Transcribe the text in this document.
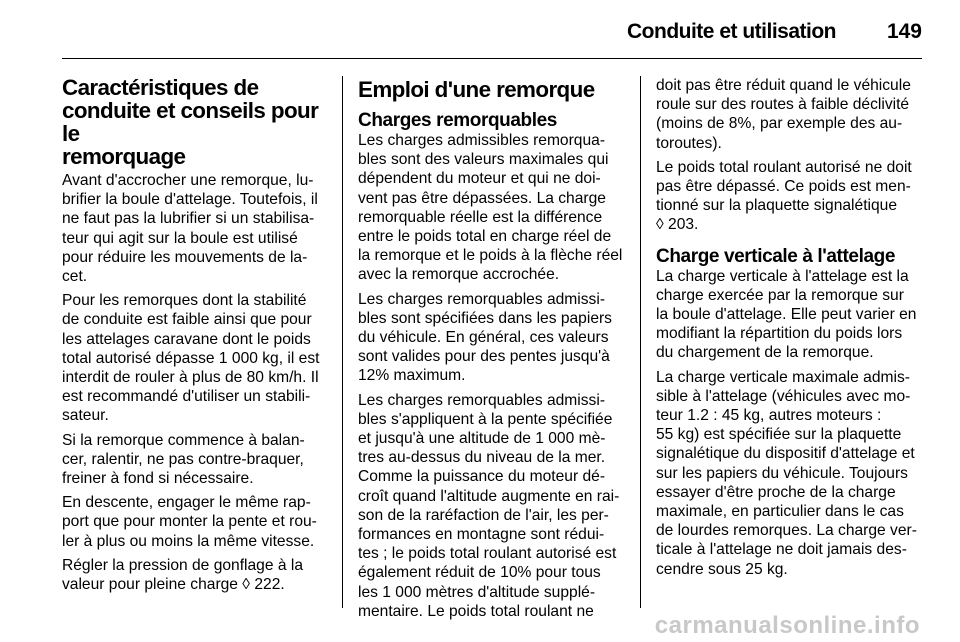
Conduite et utilisation 149
Caractéristiques de
conduite et conseils pour le
remorquage

Avant d'accrocher une remorque, lu-
brifier la boule d'attelage. Toutefois, il
ne faut pas la lubrifier si un stabilisa-
teur qui agit sur la boule est utilisé
pour réduire les mouvements de la-
cet.

Pour les remorques dont la stabilité
de conduite est faible ainsi que pour
les attelages caravane dont le poids
total autorisé dépasse 1 000 kg, il est
interdit de rouler à plus de 80 km/h. Il
est recommandé d'utiliser un stabili-
sateur.

Si la remorque commence à balan-
cer, ralentir, ne pas contre-braquer,
freiner à fond si nécessaire.

En descente, engager le même rap-
port que pour monter la pente et rou-
ler à plus ou moins la même vitesse.

Régler la pression de gonflage à la
valeur pour pleine charge ◊ 222.

Emploi d'une remorque
Charges remorquables

Les charges admissibles remorqua-
bles sont des valeurs maximales qui
dépendent du moteur et qui ne doi-
vent pas être dépassées. La charge
remorquable réelle est la différence
entre le poids total en charge réel de
la remorque et le poids à la flèche réel
avec la remorque accrochée.

Les charges remorquables admissi-
bles sont spécifiées dans les papiers
du véhicule. En général, ces valeurs
sont valides pour des pentes jusqu'à
12% maximum.

Les charges remorquables admissi-
bles s'appliquent à la pente spécifiée
et jusqu'à une altitude de 1 000 mè-
tres au-dessus du niveau de la mer.
Comme la puissance du moteur dé-
croît quand l'altitude augmente en rai-
son de la raréfaction de l'air, les per-
formances en montagne sont rédui-
tes ; le poids total roulant autorisé est
également réduit de 10% pour tous
les 1 000 mètres d'altitude supplé-
mentaire. Le poids total roulant ne

doit pas être réduit quand le véhicule
roule sur des routes à faible déclivité
(moins de 8%, par exemple des au-
toroutes).

Le poids total roulant autorisé ne doit
pas être dépassé. Ce poids est men-
tionné sur la plaquette signalétique
◊ 203.

Charge verticale à l'attelage

La charge verticale à l'attelage est la
charge exercée par la remorque sur
la boule d'attelage. Elle peut varier en
modifiant la répartition du poids lors
du chargement de la remorque.

La charge verticale maximale admis-
sible à l'attelage (véhicules avec mo-
teur 1.2 : 45 kg, autres moteurs :
55 kg) est spécifiée sur la plaquette
signalétique du dispositif d'attelage et
sur les papiers du véhicule. Toujours
essayer d'être proche de la charge
maximale, en particulier dans le cas
de lourdes remorques. La charge ver-
ticale à l'attelage ne doit jamais des-
cendre sous 25 kg.

carmanualsonline.info
